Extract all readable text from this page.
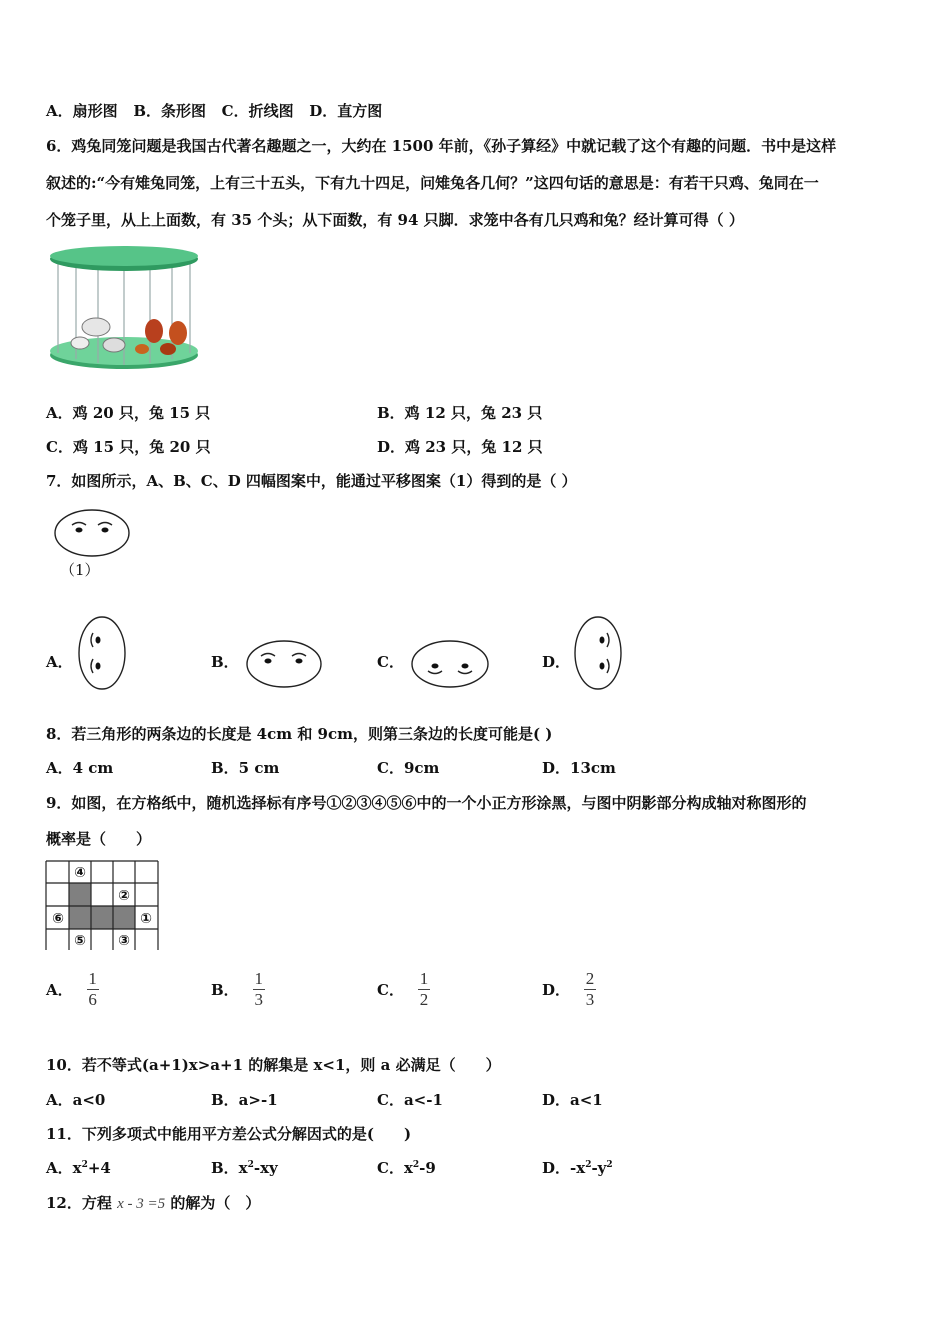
A．扇形图 B．条形图 C．折线图 D．直方图
6．鸡兔同笼问题是我国古代著名趣题之一，大约在 1500 年前，《孙子算经》中就记载了这个有趣的问题．书中是这样
叙述的:“今有雉兔同笼，上有三十五头，下有九十四足，问雉兔各几何？”这四句话的意思是：有若干只鸡、兔同在一
个笼子里，从上上面数，有 35 个头；从下面数，有 94 只脚．求笼中各有几只鸡和兔？经计算可得（ ）
A．鸡 20 只，兔 15 只	B．鸡 12 只，兔 23 只
C．鸡 15 只，兔 20 只	D．鸡 23 只，兔 12 只
7．如图所示，A、B、C、D 四幅图案中，能通过平移图案（1）得到的是（ ）
（1）
A．	B．	C．	D．
8．若三角形的两条边的长度是 4cm 和 9cm，则第三条边的长度可能是( )
A．4 cm	B．5 cm	C．9cm	D．13cm
9．如图，在方格纸中，随机选择标有序号①②③④⑤⑥中的一个小正方形涂黑，与图中阴影部分构成轴对称图形的
概率是（　　）
④
②
⑥	①
⑤ ③
A． $\frac{1}{6}$	B． $\frac{1}{3}$	C． $\frac{1}{2}$	D． $\frac{2}{3}$
10．若不等式(a+1)x>a+1 的解集是 x<1，则 a 必满足（　　）
A．a<0	B．a>-1	C．a<-1	D．a<1
11．下列多项式中能用平方差公式分解因式的是(　　)
A．$x^2+4$	B．$x^2-xy$	C．$x^2-9$	D．$-x^2-y^2$
12．方程 x - 3 =5 的解为（　）
